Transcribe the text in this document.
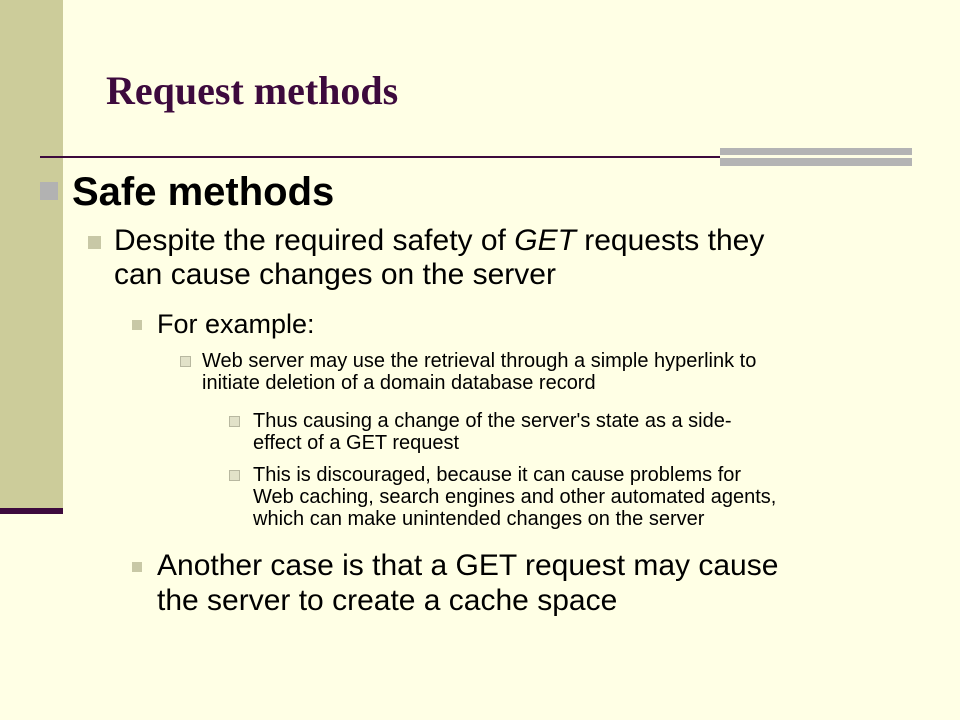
Request methods
Safe methods
Despite the required safety of GET requests they
can cause changes on the server
For example:
Web server may use the retrieval through a simple hyperlink to
initiate deletion of a domain database record
Thus causing a change of the server's state as a side-
effect of a GET request
This is discouraged, because it can cause problems for
Web caching, search engines and other automated agents,
which can make unintended changes on the server
Another case is that a GET request may cause
the server to create a cache space
